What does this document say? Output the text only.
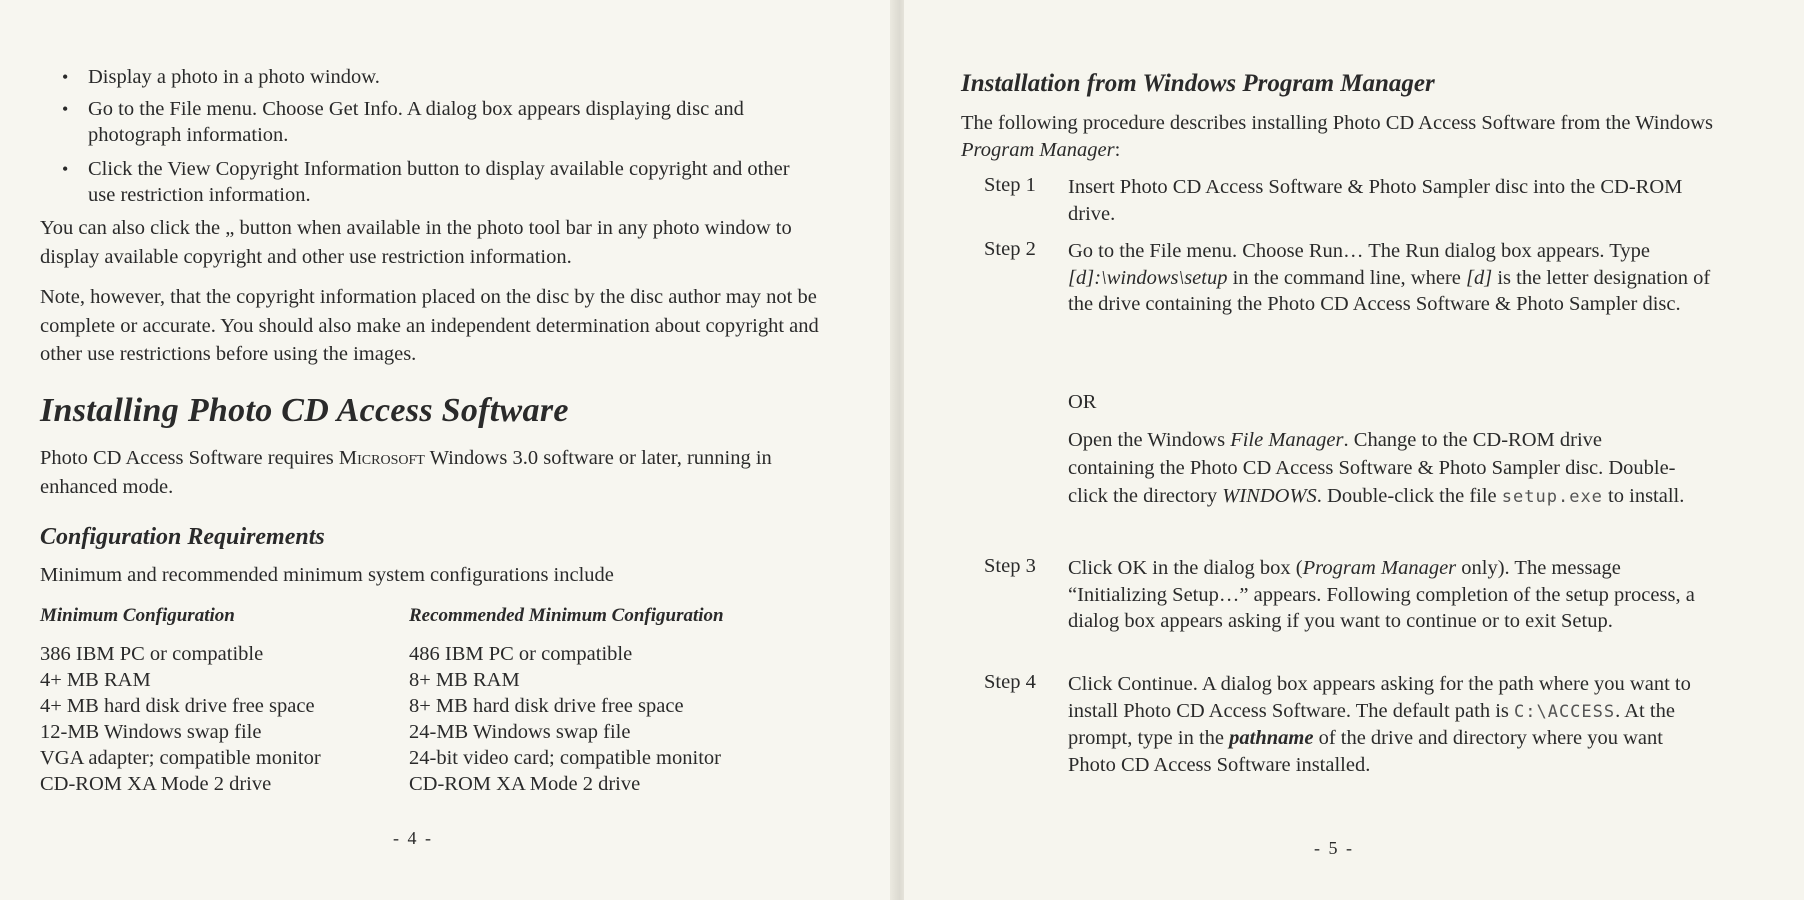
• Display a photo in a photo window.
• Go to the File menu. Choose Get Info. A dialog box appears displaying disc and photograph information.
• Click the View Copyright Information button to display available copyright and other use restriction information.
You can also click the „ button when available in the photo tool bar in any photo window to display available copyright and other use restriction information.
Note, however, that the copyright information placed on the disc by the disc author may not be complete or accurate. You should also make an independent determination about copyright and other use restrictions before using the images.
Installing Photo CD Access Software
Photo CD Access Software requires Microsoft Windows 3.0 software or later, running in enhanced mode.
Configuration Requirements
Minimum and recommended minimum system configurations include
Minimum Configuration	Recommended Minimum Configuration
386 IBM PC or compatible
4+ MB RAM
4+ MB hard disk drive free space
12-MB Windows swap file
VGA adapter; compatible monitor
CD-ROM XA Mode 2 drive
486 IBM PC or compatible
8+ MB RAM
8+ MB hard disk drive free space
24-MB Windows swap file
24-bit video card; compatible monitor
CD-ROM XA Mode 2 drive
- 4 -
Installation from Windows Program Manager
The following procedure describes installing Photo CD Access Software from the Windows Program Manager:
Step 1 Insert Photo CD Access Software & Photo Sampler disc into the CD-ROM drive.
Step 2 Go to the File menu. Choose Run… The Run dialog box appears. Type [d]:\windows\setup in the command line, where [d] is the letter designation of the drive containing the Photo CD Access Software & Photo Sampler disc.
OR
Open the Windows File Manager. Change to the CD-ROM drive containing the Photo CD Access Software & Photo Sampler disc. Double-click the directory WINDOWS. Double-click the file setup.exe to install.
Step 3 Click OK in the dialog box (Program Manager only). The message “Initializing Setup…” appears. Following completion of the setup process, a dialog box appears asking if you want to continue or to exit Setup.
Step 4 Click Continue. A dialog box appears asking for the path where you want to install Photo CD Access Software. The default path is C:\ACCESS. At the prompt, type in the pathname of the drive and directory where you want Photo CD Access Software installed.
- 5 -
